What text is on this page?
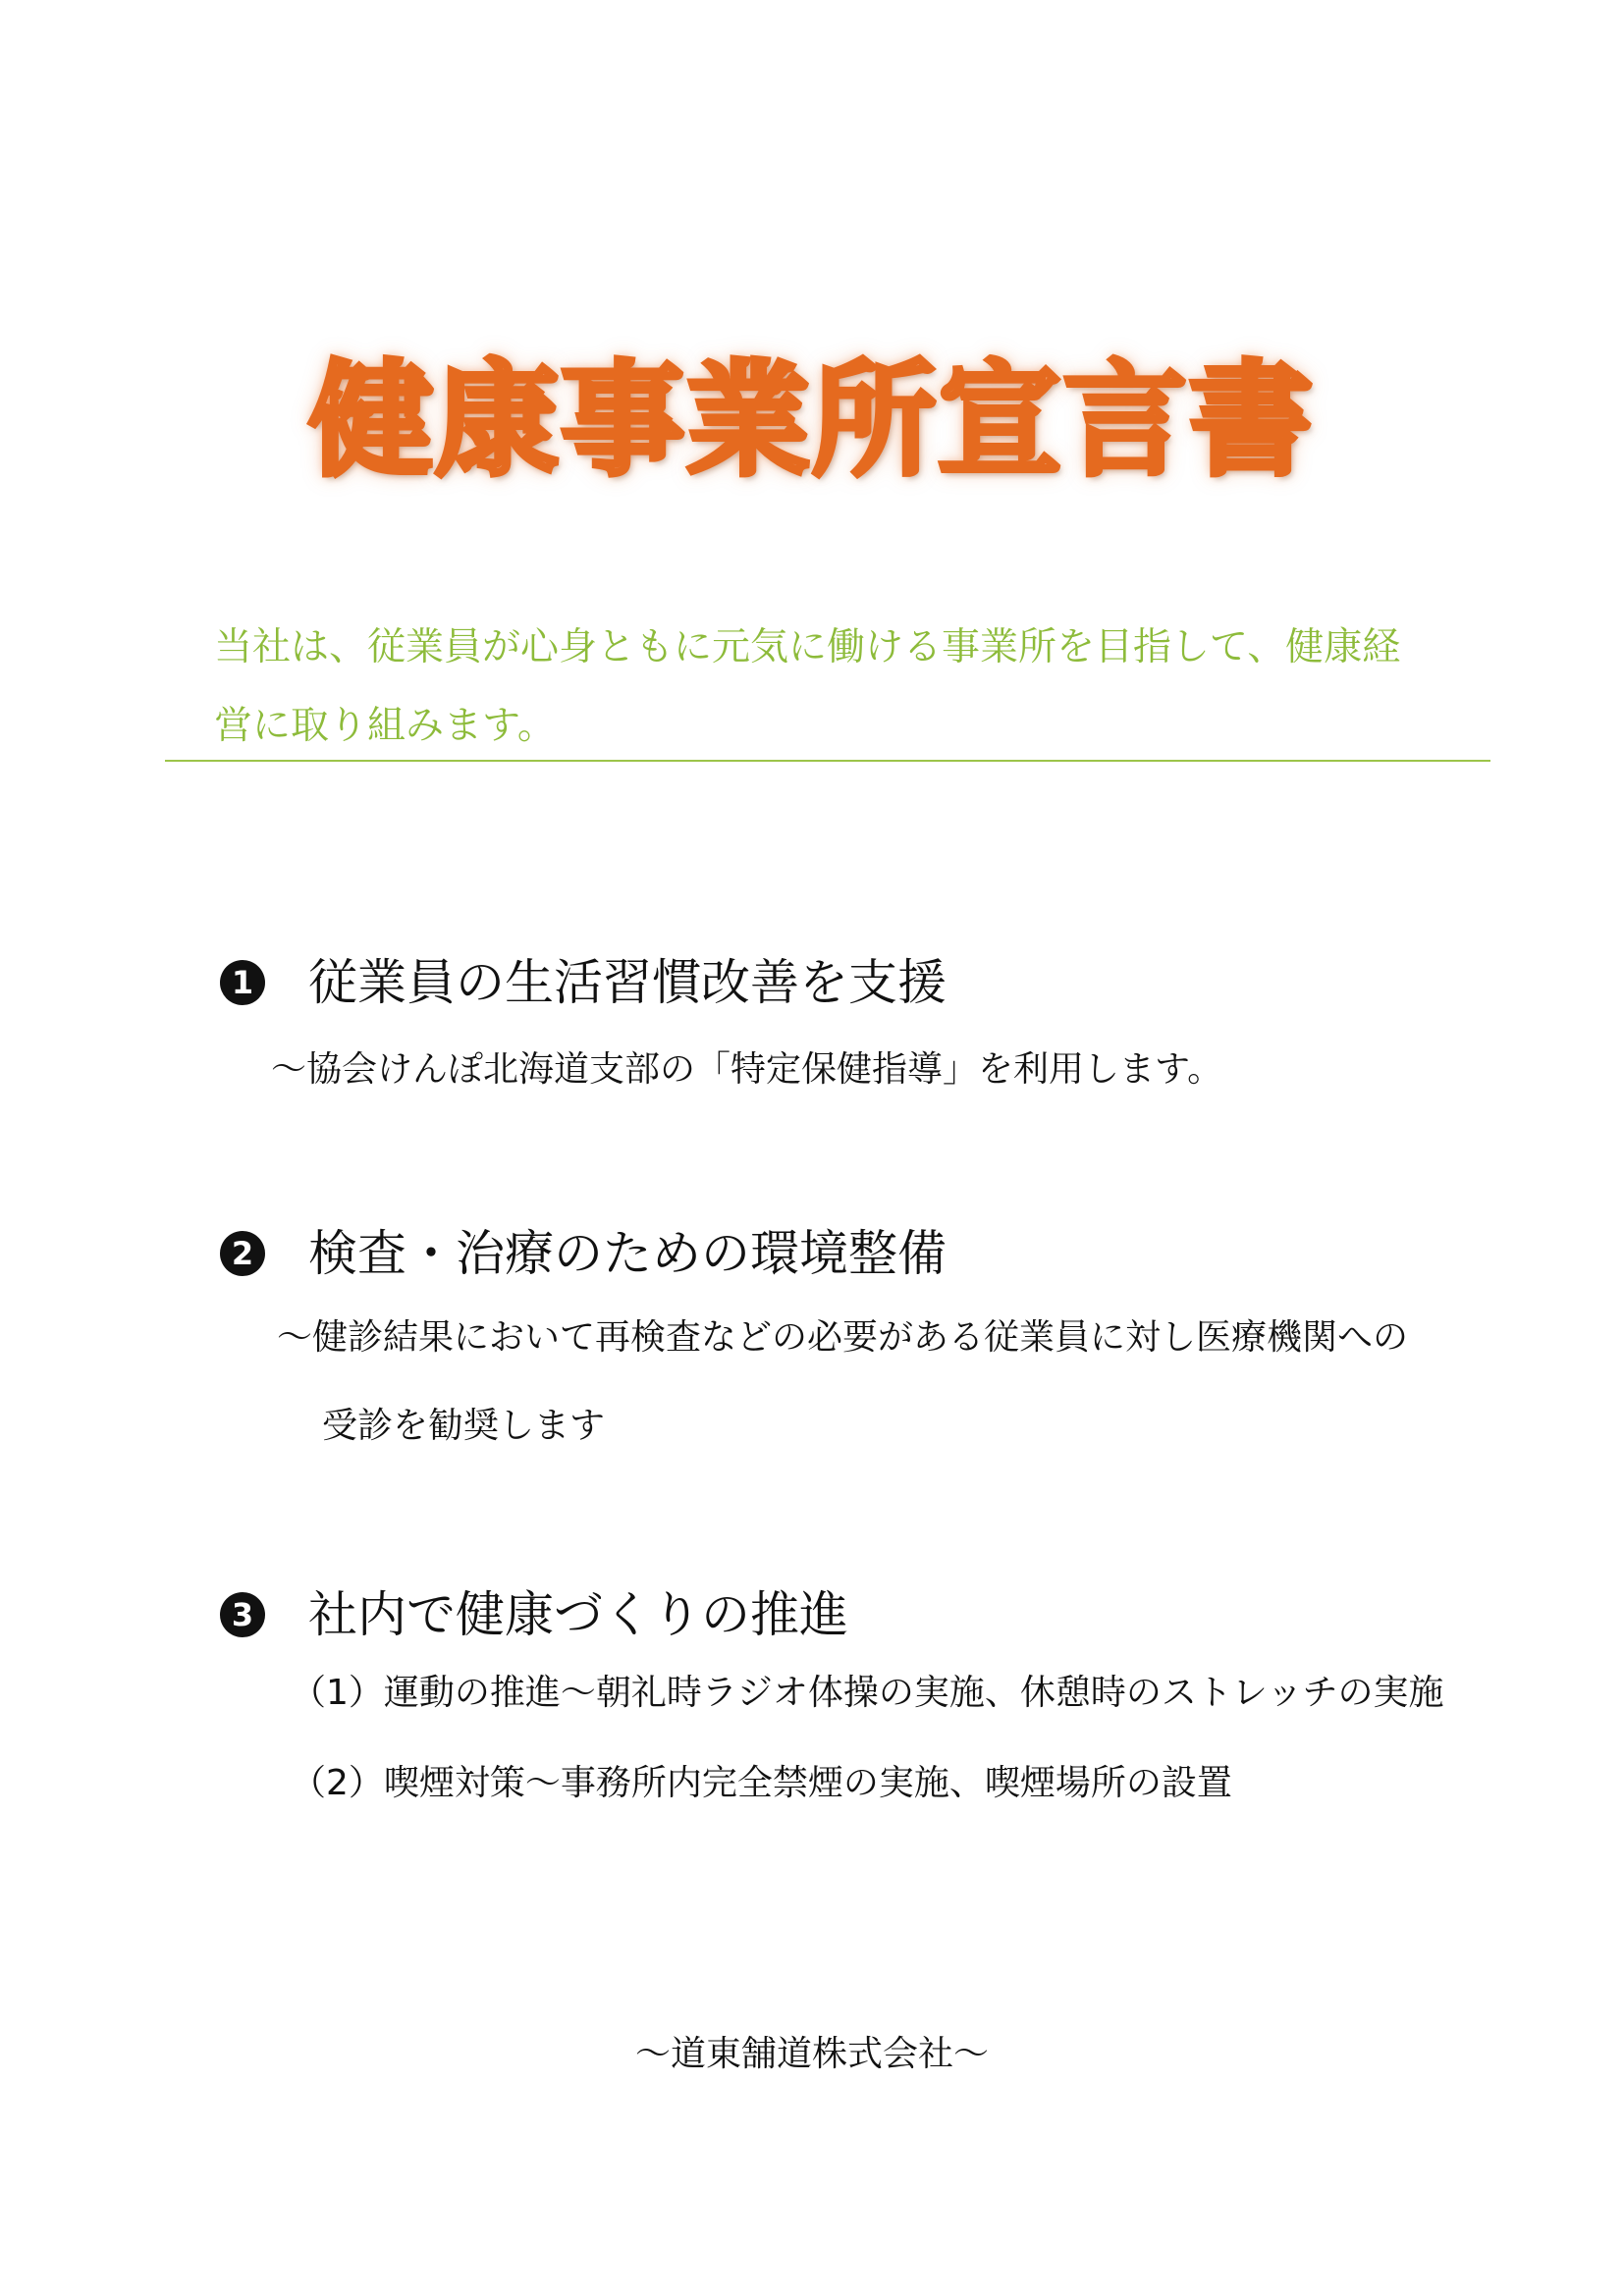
健康事業所宣言書

当社は、従業員が心身ともに元気に働ける事業所を目指して、健康経
営に取り組みます。

1 従業員の生活習慣改善を支援

～協会けんぽ北海道支部の「特定保健指導」を利用します。

2 検査・治療のための環境整備

～健診結果において再検査などの必要がある従業員に対し医療機関への

受診を勧奨します

3 社内で健康づくりの推進

（1）運動の推進～朝礼時ラジオ体操の実施、休憩時のストレッチの実施

（2）喫煙対策～事務所内完全禁煙の実施、喫煙場所の設置

～道東舗道株式会社～
